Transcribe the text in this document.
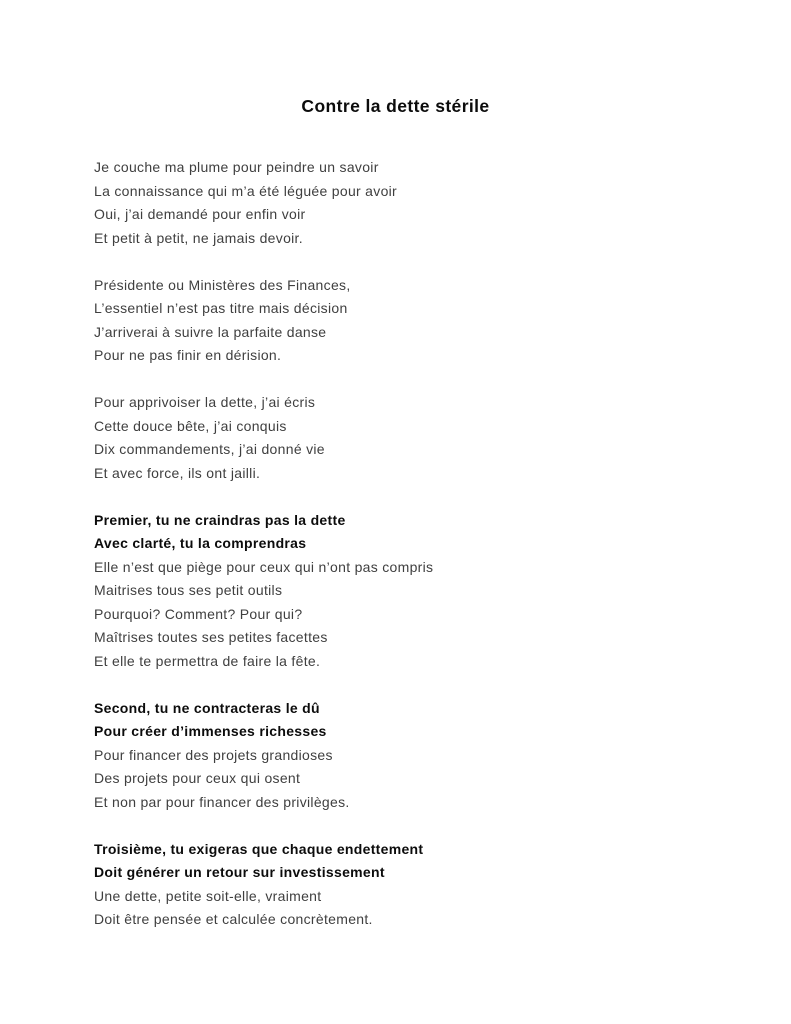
Contre la dette stérile

Je couche ma plume pour peindre un savoir

La connaissance qui m’a été léguée pour avoir

Oui, j’ai demandé pour enfin voir

Et petit à petit, ne jamais devoir.

Présidente ou Ministères des Finances,

L’essentiel n’est pas titre mais décision

J’arriverai à suivre la parfaite danse

Pour ne pas finir en dérision.

Pour apprivoiser la dette, j’ai écris

Cette douce bête, j’ai conquis

Dix commandements, j’ai donné vie

Et avec force, ils ont jailli.

Premier, tu ne craindras pas la dette

Avec clarté, tu la comprendras

Elle n’est que piège pour ceux qui n’ont pas compris

Maitrises tous ses petit outils

Pourquoi? Comment? Pour qui?

Maîtrises toutes ses petites facettes

Et elle te permettra de faire la fête.

Second, tu ne contracteras le dû

Pour créer d’immenses richesses

Pour financer des projets grandioses

Des projets pour ceux qui osent

Et non par pour financer des privilèges.

Troisième, tu exigeras que chaque endettement

Doit générer un retour sur investissement

Une dette, petite soit-elle, vraiment

Doit être pensée et calculée concrètement.
